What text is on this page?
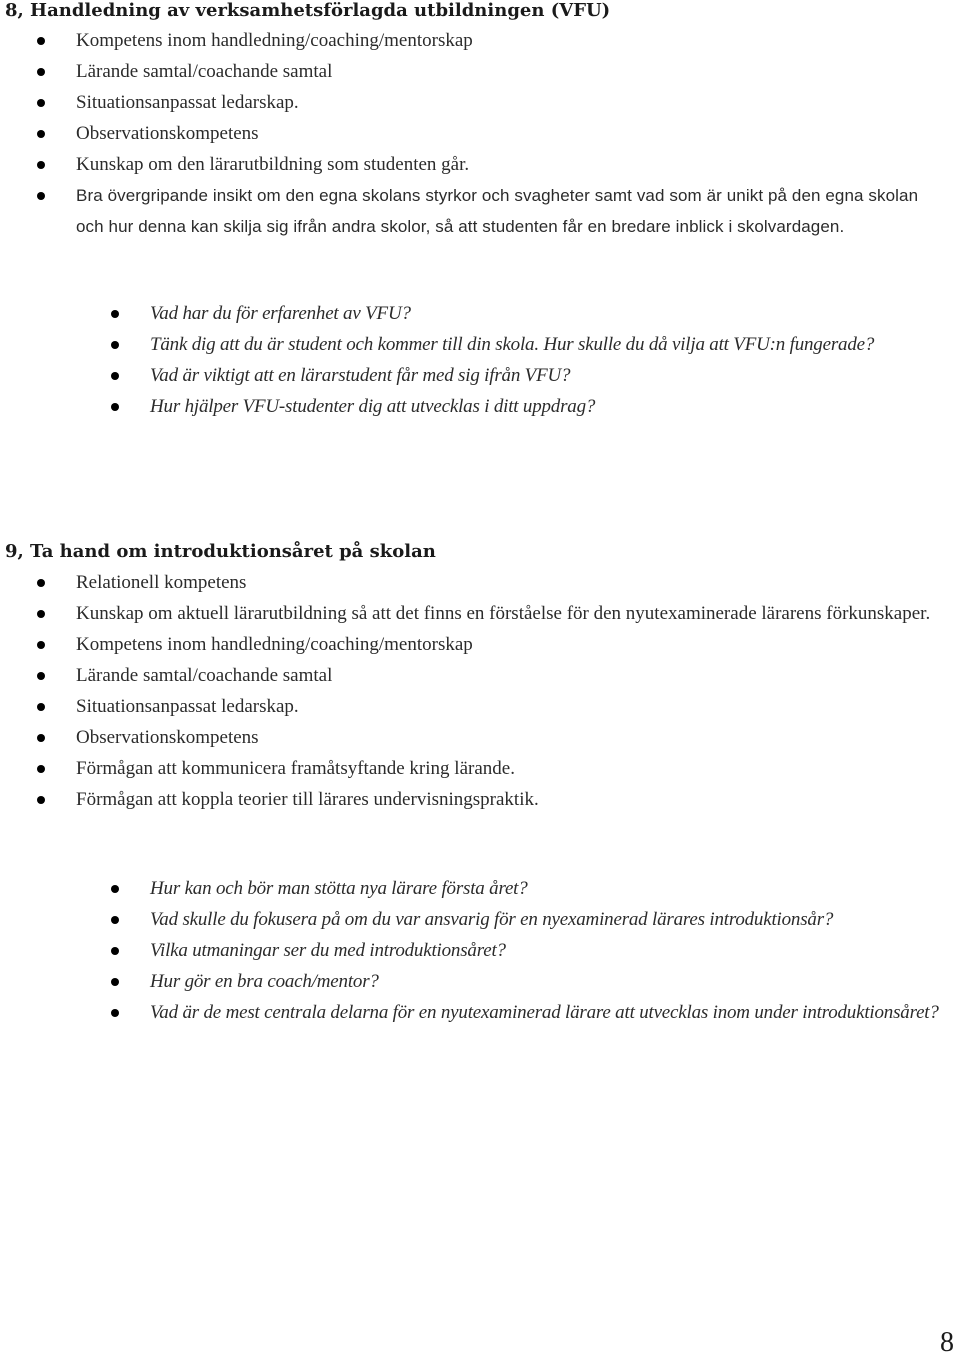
8, Handledning av verksamhetsförlagda utbildningen (VFU)
Kompetens inom handledning/coaching/mentorskap
Lärande samtal/coachande samtal
Situationsanpassat ledarskap.
Observationskompetens
Kunskap om den lärarutbildning som studenten går.
Bra övergripande insikt om den egna skolans styrkor och svagheter samt vad som är unikt på den egna skolan och hur denna kan skilja sig ifrån andra skolor, så att studenten får en bredare inblick i skolvardagen.
Vad har du för erfarenhet av VFU?
Tänk dig att du är student och kommer till din skola. Hur skulle du då vilja att VFU:n fungerade?
Vad är viktigt att en lärarstudent får med sig ifrån VFU?
Hur hjälper VFU-studenter dig att utvecklas i ditt uppdrag?
9, Ta hand om introduktionsåret på skolan
Relationell kompetens
Kunskap om aktuell lärarutbildning så att det finns en förståelse för den nyutexaminerade lärarens förkunskaper.
Kompetens inom handledning/coaching/mentorskap
Lärande samtal/coachande samtal
Situationsanpassat ledarskap.
Observationskompetens
Förmågan att kommunicera framåtsyftande kring lärande.
Förmågan att koppla teorier till lärares undervisningspraktik.
Hur kan och bör man stötta nya lärare första året?
Vad skulle du fokusera på om du var ansvarig för en nyexaminerad lärares introduktionsår?
Vilka utmaningar ser du med introduktionsåret?
Hur gör en bra coach/mentor?
Vad är de mest centrala delarna för en nyutexaminerad lärare att utvecklas inom under introduktionsåret?
8
